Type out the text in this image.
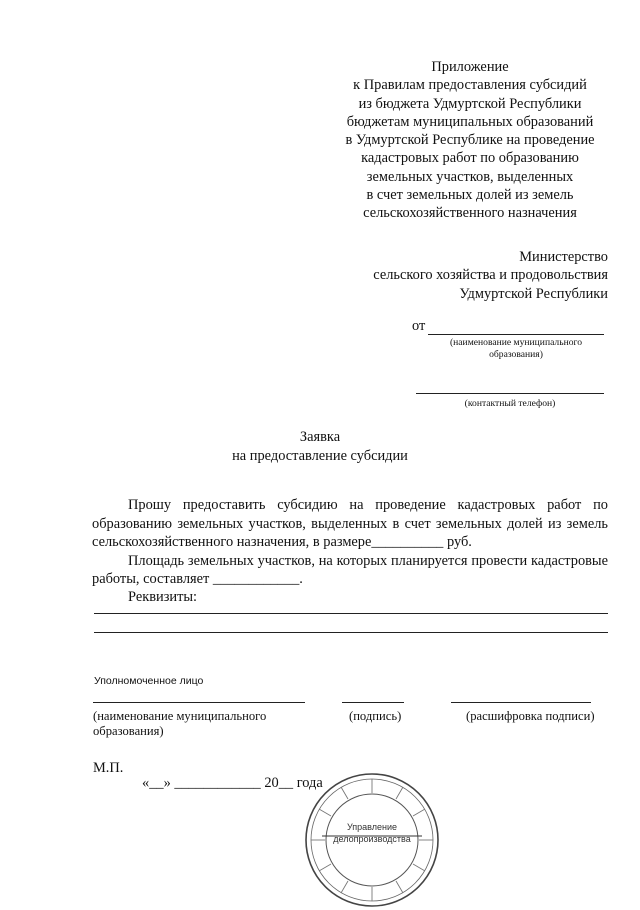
Приложение
к Правилам предоставления субсидий
из бюджета Удмуртской Республики
бюджетам муниципальных образований
в Удмуртской Республике на проведение
кадастровых работ по образованию
земельных участков, выделенных
в счет земельных долей из земель
сельскохозяйственного назначения
Министерство
сельского хозяйства и продовольствия
Удмуртской Республики
от
(наименование муниципального
образования)
(контактный телефон)
Заявка
на предоставление субсидии

Прошу предоставить субсидию на проведение кадастровых работ по образованию земельных участков, выделенных в счет земельных долей из земель сельскохозяйственного назначения, в размере__________ руб.

Площадь земельных участков, на которых планируется провести кадастровые работы, составляет ____________.

Реквизиты:
Уполномоченное лицо
(наименование муниципального
образования)
(подпись)	(расшифровка подписи)
М.П.
«__» ____________ 20__ года
Управление
делопроизводства
